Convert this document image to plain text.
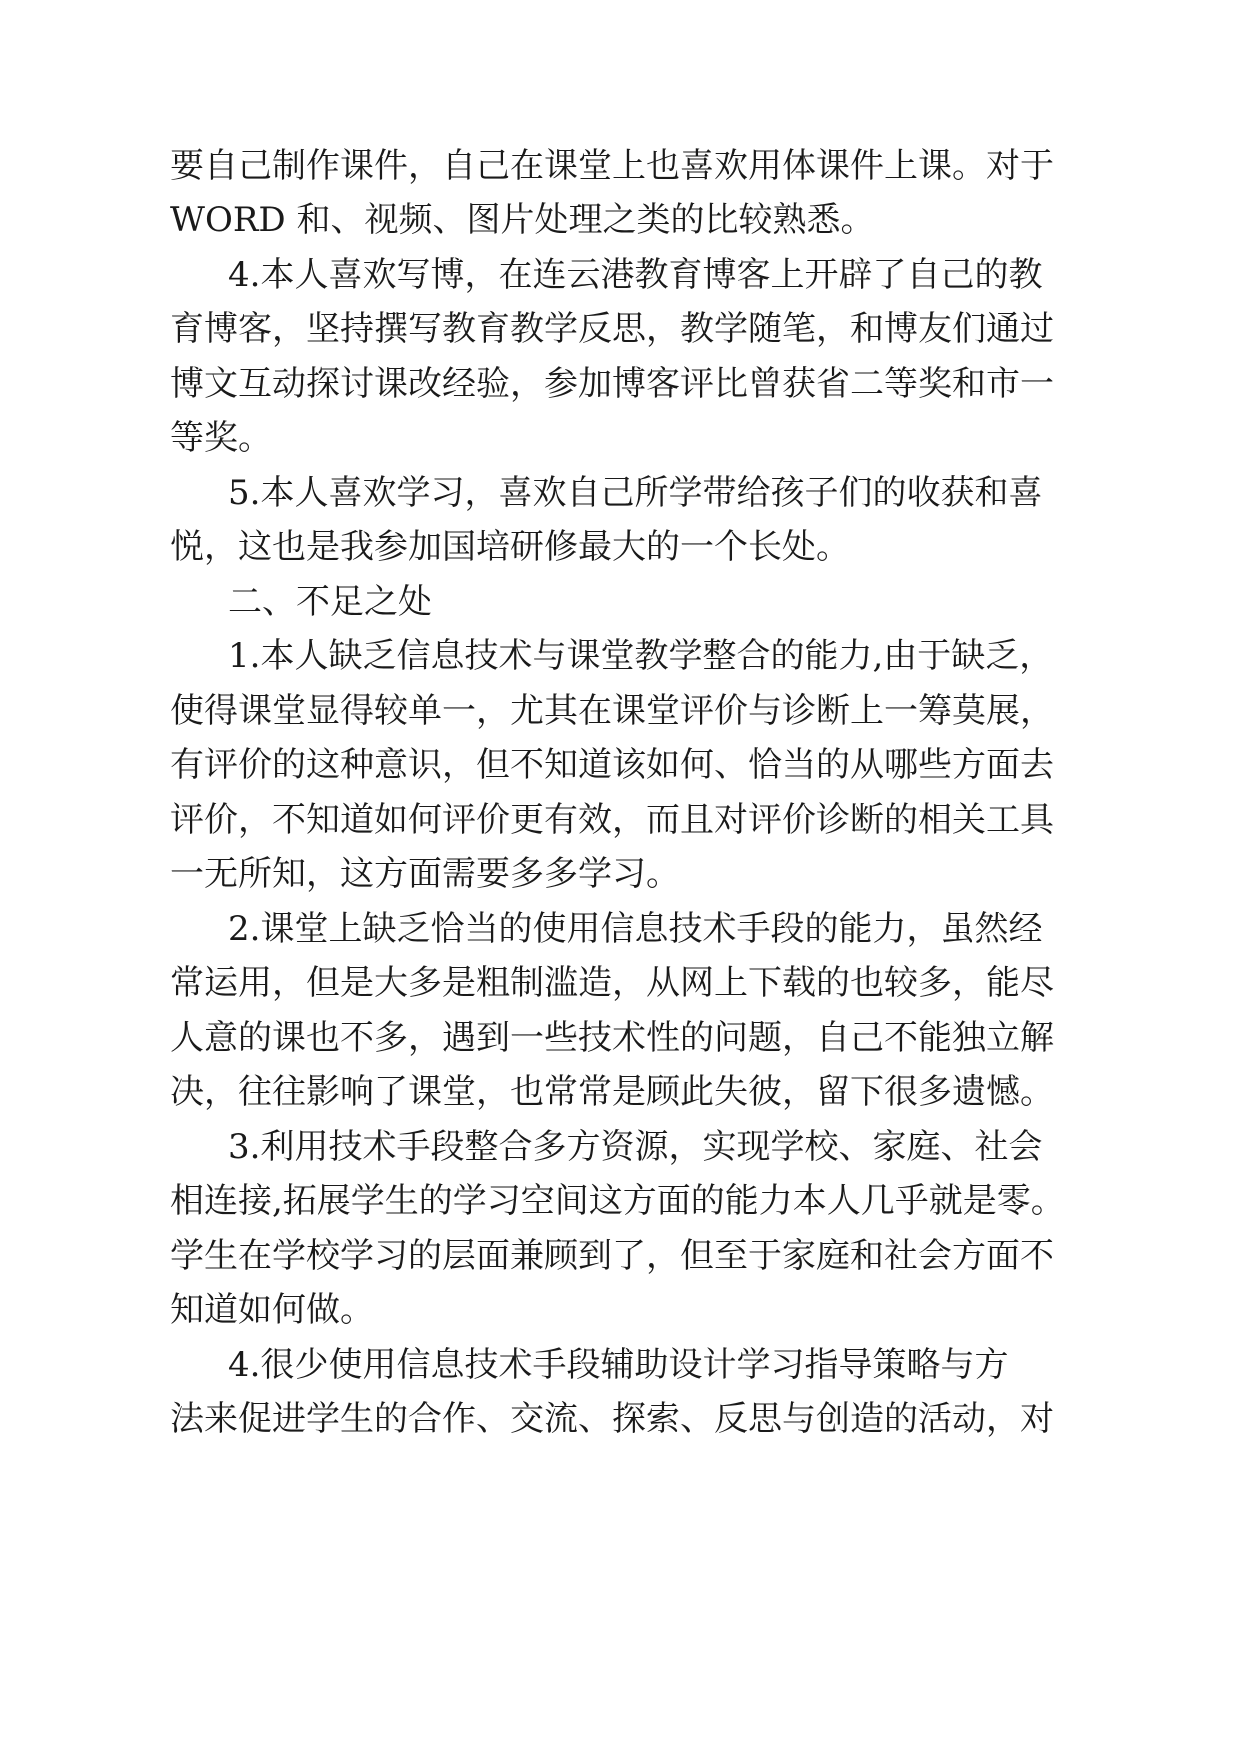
要自己制作课件，自己在课堂上也喜欢用体课件上课。对于
WORD 和、视频、图片处理之类的比较熟悉。
4.本人喜欢写博，在连云港教育博客上开辟了自己的教
育博客，坚持撰写教育教学反思，教学随笔，和博友们通过
博文互动探讨课改经验，参加博客评比曾获省二等奖和市一
等奖。
5.本人喜欢学习，喜欢自己所学带给孩子们的收获和喜
悦，这也是我参加国培研修最大的一个长处。
二、不足之处
1.本人缺乏信息技术与课堂教学整合的能力,由于缺乏，
使得课堂显得较单一，尤其在课堂评价与诊断上一筹莫展，
有评价的这种意识，但不知道该如何、恰当的从哪些方面去
评价，不知道如何评价更有效，而且对评价诊断的相关工具
一无所知，这方面需要多多学习。
2.课堂上缺乏恰当的使用信息技术手段的能力，虽然经
常运用，但是大多是粗制滥造，从网上下载的也较多，能尽
人意的课也不多，遇到一些技术性的问题，自己不能独立解
决，往往影响了课堂，也常常是顾此失彼，留下很多遗憾。
3.利用技术手段整合多方资源，实现学校、家庭、社会
相连接,拓展学生的学习空间这方面的能力本人几乎就是零。
学生在学校学习的层面兼顾到了，但至于家庭和社会方面不
知道如何做。
4.很少使用信息技术手段辅助设计学习指导策略与方
法来促进学生的合作、交流、探索、反思与创造的活动，对
